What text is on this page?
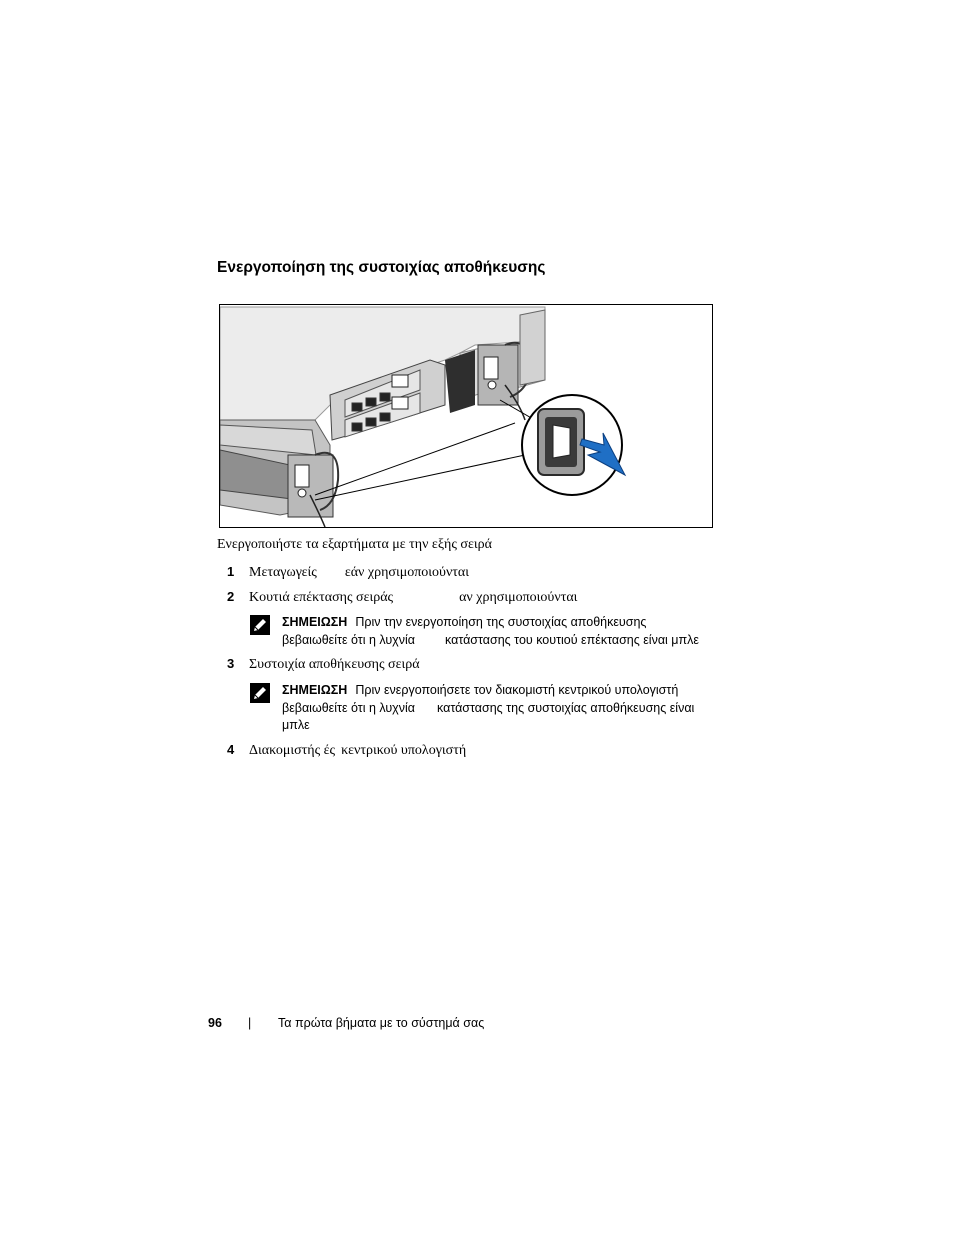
Ενεργοποίηση της συστοιχίας αποθήκευσης
Ενεργοποιήστε τα εξαρτήματα με την εξής σειρά
1 Μεταγωγείς εάν χρησιμοποιούνται
2 Κουτιά επέκτασης σειράς	αν χρησιμοποιούνται
ΣΗΜΕΙΩΣΗ Πριν την ενεργοποίηση της συστοιχίας αποθήκευσης
βεβαιωθείτε ότι η λυχνία κατάστασης του κουτιού επέκτασης είναι μπλε
3 Συστοιχία αποθήκευσης σειρά
ΣΗΜΕΙΩΣΗ Πριν ενεργοποιήσετε τον διακομιστή κεντρικού υπολογιστή
βεβαιωθείτε ότι η λυχνία κατάστασης της συστοιχίας αποθήκευσης είναι
μπλε
4 Διακομιστής ές κεντρικού υπολογιστή
96 | Τα πρώτα βήματα με το σύστημά σας
